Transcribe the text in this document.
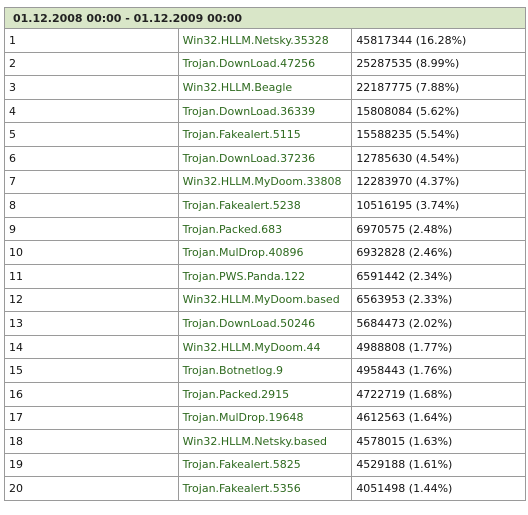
01.12.2008 00:00 - 01.12.2009 00:00		
1	Win32.HLLM.Netsky.35328	45817344 (16.28%)
2	Trojan.DownLoad.47256	25287535 (8.99%)
3	Win32.HLLM.Beagle	22187775 (7.88%)
4	Trojan.DownLoad.36339	15808084 (5.62%)
5	Trojan.Fakealert.5115	15588235 (5.54%)
6	Trojan.DownLoad.37236	12785630 (4.54%)
7	Win32.HLLM.MyDoom.33808	12283970 (4.37%)
8	Trojan.Fakealert.5238	10516195 (3.74%)
9	Trojan.Packed.683	6970575 (2.48%)
10	Trojan.MulDrop.40896	6932828 (2.46%)
11	Trojan.PWS.Panda.122	6591442 (2.34%)
12	Win32.HLLM.MyDoom.based	6563953 (2.33%)
13	Trojan.DownLoad.50246	5684473 (2.02%)
14	Win32.HLLM.MyDoom.44	4988808 (1.77%)
15	Trojan.Botnetlog.9	4958443 (1.76%)
16	Trojan.Packed.2915	4722719 (1.68%)
17	Trojan.MulDrop.19648	4612563 (1.64%)
18	Win32.HLLM.Netsky.based	4578015 (1.63%)
19	Trojan.Fakealert.5825	4529188 (1.61%)
20	Trojan.Fakealert.5356	4051498 (1.44%)
